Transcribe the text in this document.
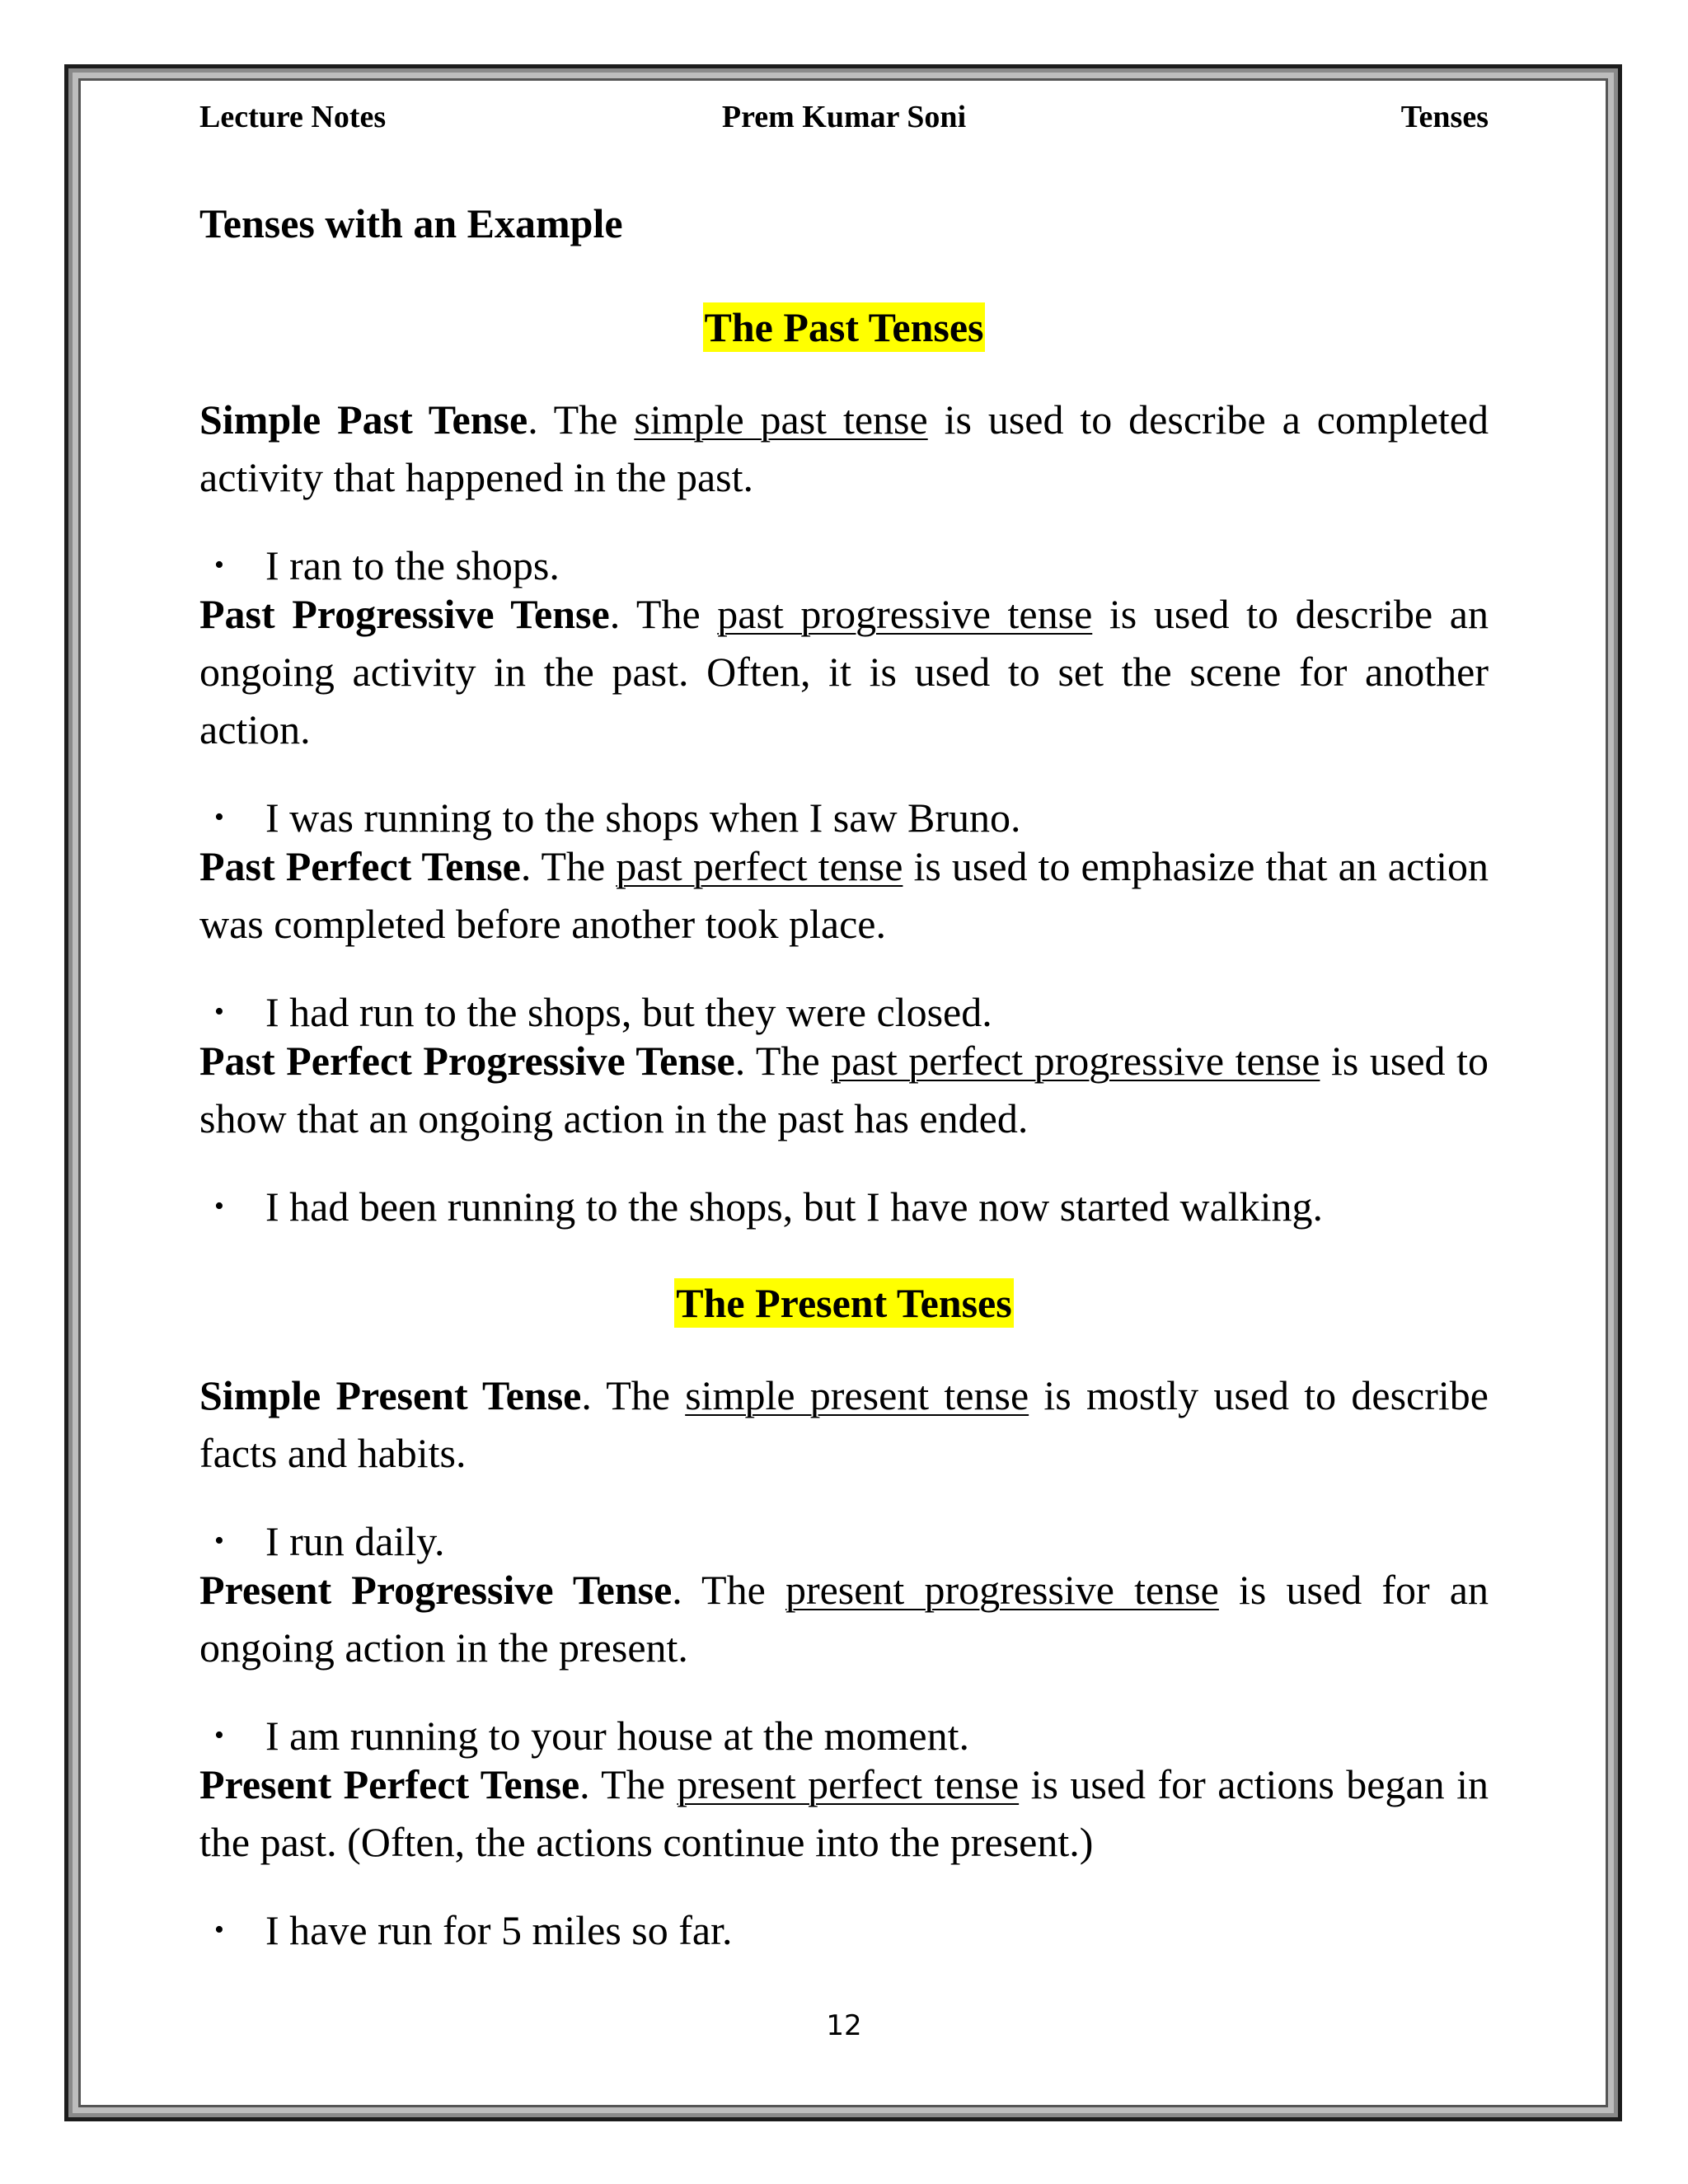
Lecture Notes	Prem Kumar Soni	Tenses
Tenses with an Example
The Past Tenses

Simple Past Tense. The simple past tense is used to describe a completed activity that happened in the past.

• I ran to the shops.

Past Progressive Tense. The past progressive tense is used to describe an ongoing activity in the past. Often, it is used to set the scene for another action.

• I was running to the shops when I saw Bruno.

Past Perfect Tense. The past perfect tense is used to emphasize that an action was completed before another took place.

• I had run to the shops, but they were closed.

Past Perfect Progressive Tense. The past perfect progressive tense is used to show that an ongoing action in the past has ended.

• I had been running to the shops, but I have now started walking.
The Present Tenses

Simple Present Tense. The simple present tense is mostly used to describe facts and habits.

• I run daily.

Present Progressive Tense. The present progressive tense is used for an ongoing action in the present.

• I am running to your house at the moment.

Present Perfect Tense. The present perfect tense is used for actions began in the past. (Often, the actions continue into the present.)

• I have run for 5 miles so far.
12
